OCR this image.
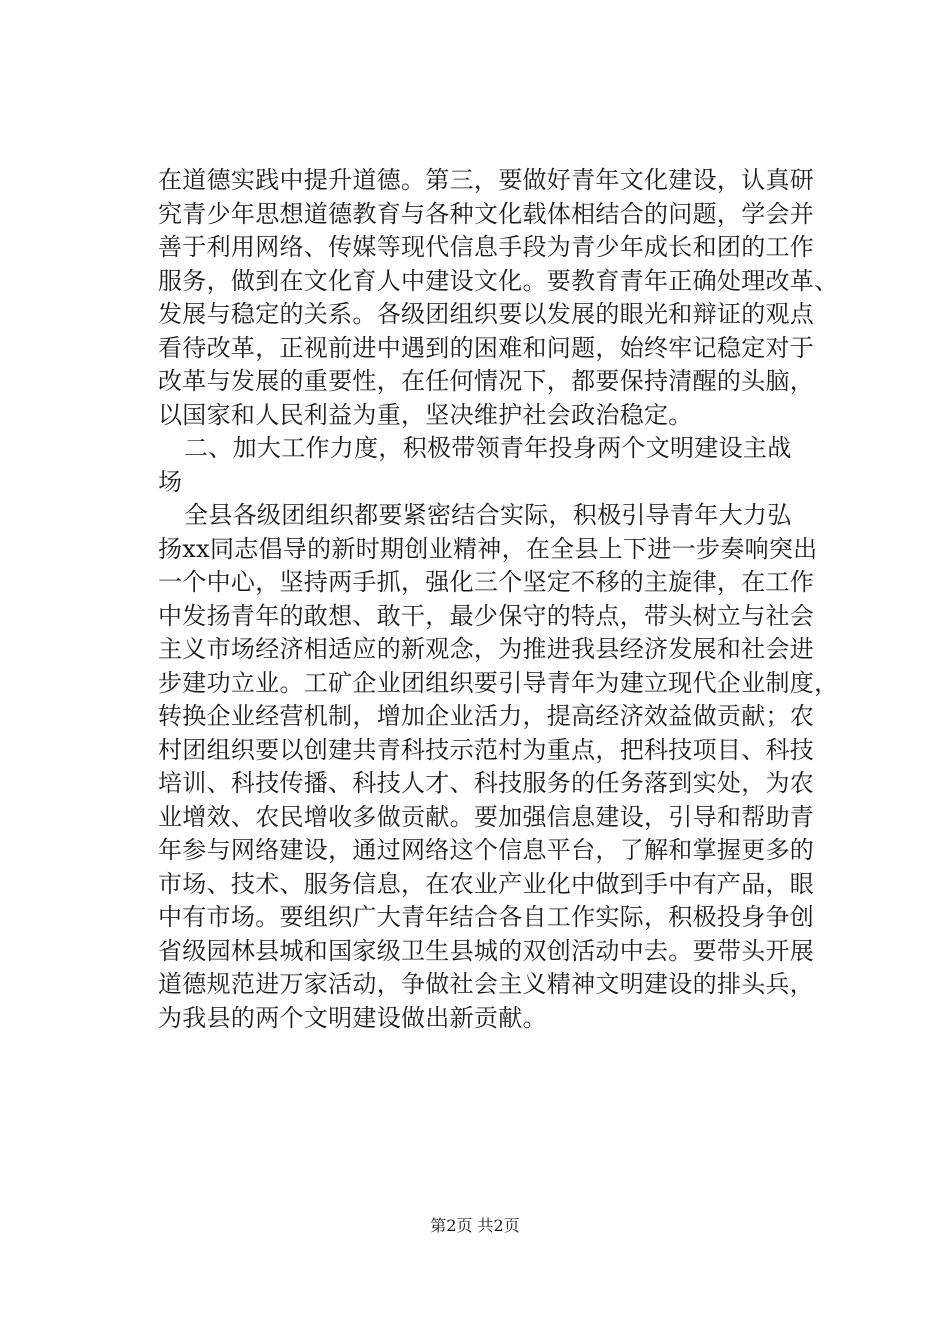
在道德实践中提升道德。第三，要做好青年文化建设，认真研
究青少年思想道德教育与各种文化载体相结合的问题，学会并
善于利用网络、传媒等现代信息手段为青少年成长和团的工作
服务，做到在文化育人中建设文化。要教育青年正确处理改革、
发展与稳定的关系。各级团组织要以发展的眼光和辩证的观点
看待改革，正视前进中遇到的困难和问题，始终牢记稳定对于
改革与发展的重要性，在任何情况下，都要保持清醒的头脑，
以国家和人民利益为重，坚决维护社会政治稳定。
二、加大工作力度，积极带领青年投身两个文明建设主战
场
全县各级团组织都要紧密结合实际，积极引导青年大力弘
扬xx同志倡导的新时期创业精神，在全县上下进一步奏响突出
一个中心，坚持两手抓，强化三个坚定不移的主旋律，在工作
中发扬青年的敢想、敢干，最少保守的特点，带头树立与社会
主义市场经济相适应的新观念，为推进我县经济发展和社会进
步建功立业。工矿企业团组织要引导青年为建立现代企业制度，
转换企业经营机制，增加企业活力，提高经济效益做贡献；农
村团组织要以创建共青科技示范村为重点，把科技项目、科技
培训、科技传播、科技人才、科技服务的任务落到实处，为农
业增效、农民增收多做贡献。要加强信息建设，引导和帮助青
年参与网络建设，通过网络这个信息平台，了解和掌握更多的
市场、技术、服务信息，在农业产业化中做到手中有产品，眼
中有市场。要组织广大青年结合各自工作实际，积极投身争创
省级园林县城和国家级卫生县城的双创活动中去。要带头开展
道德规范进万家活动，争做社会主义精神文明建设的排头兵，
为我县的两个文明建设做出新贡献。
第2页 共2页
